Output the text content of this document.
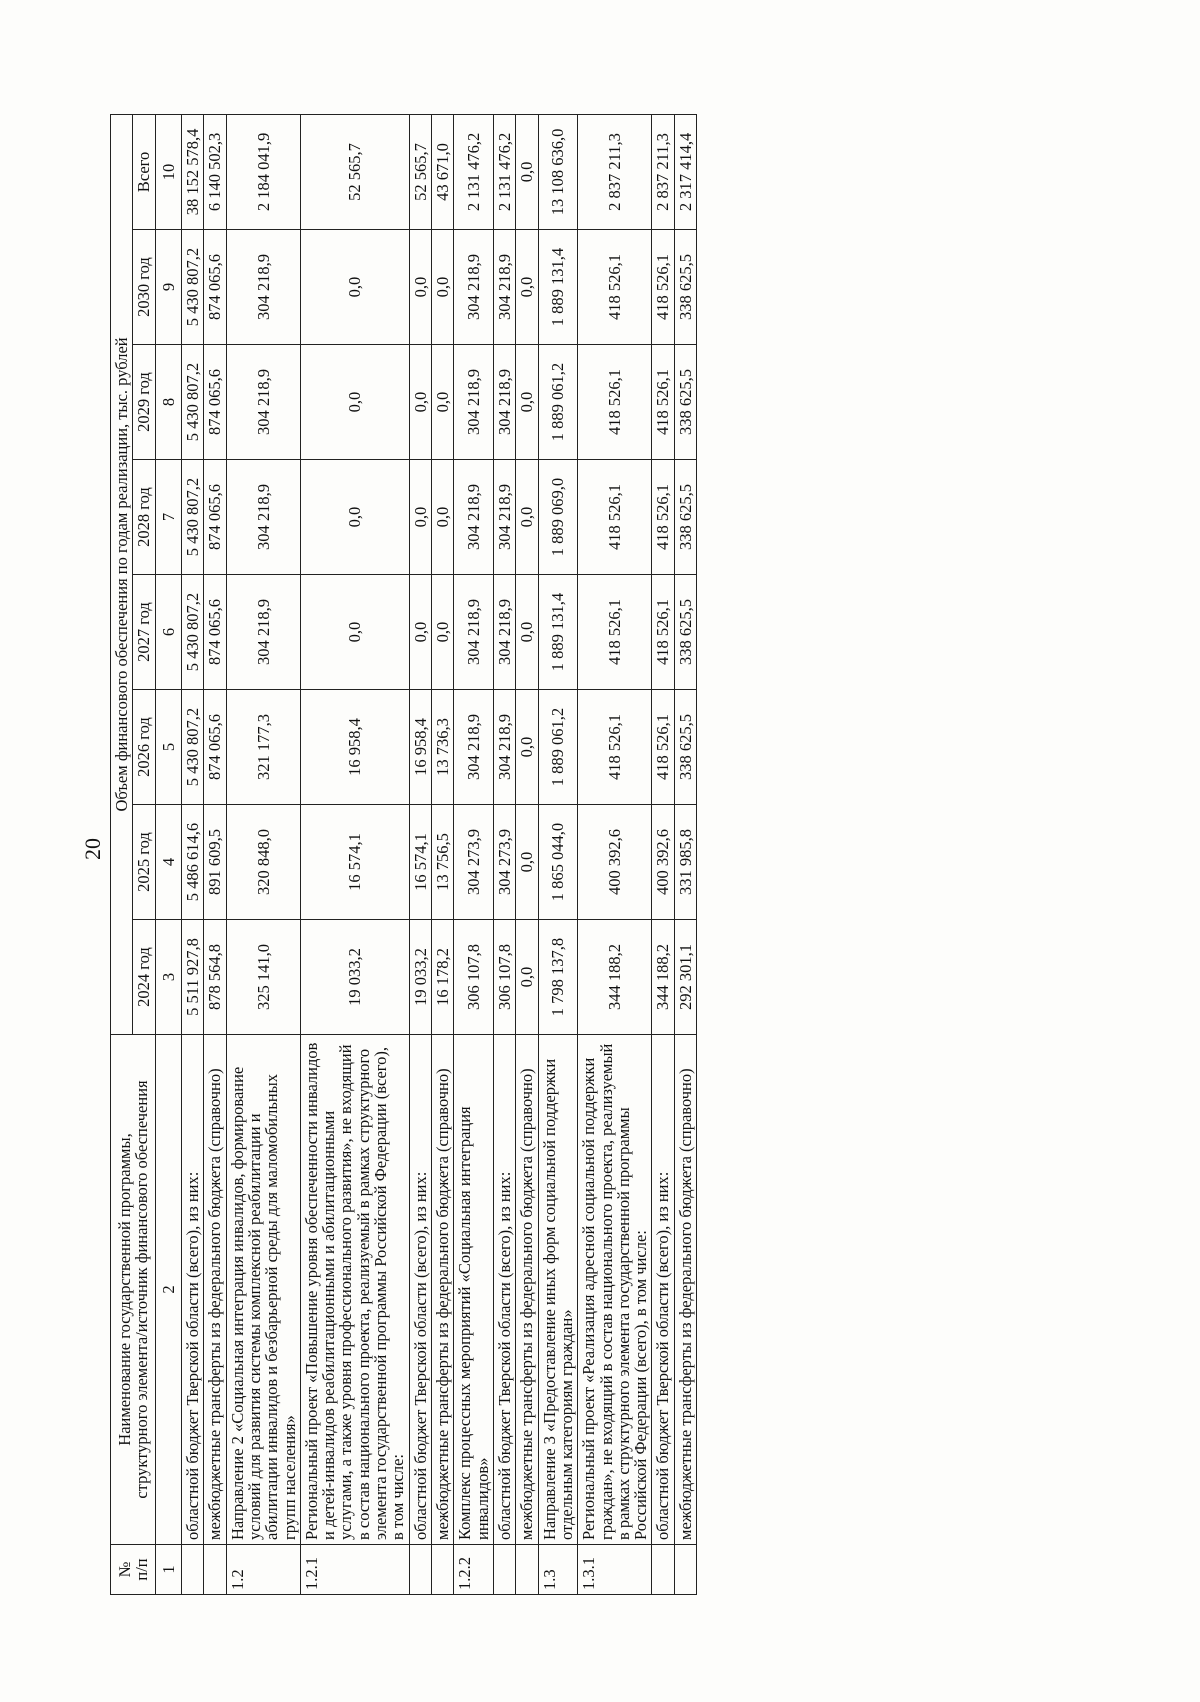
20
№
п/п	Наименование государственной программы,
структурного элемента/источник финансового обеспечения	Объем финансового обеспечения по годам реализации, тыс. рублей							
		2024 год	2025 год	2026 год	2027 год	2028 год	2029 год	2030 год	Всего
1	2	3	4	5	6	7	8	9	10
	областной бюджет Тверской области (всего), из них:	5 511 927,8	5 486 614,6	5 430 807,2	5 430 807,2	5 430 807,2	5 430 807,2	5 430 807,2	38 152 578,4
	межбюджетные трансферты из федерального бюджета (справочно)	878 564,8	891 609,5	874 065,6	874 065,6	874 065,6	874 065,6	874 065,6	6 140 502,3
1.2	Направление 2 «Социальная интеграция инвалидов, формирование условий для развития системы комплексной реабилитации и абилитации инвалидов и безбарьерной среды для маломобильных групп населения»	325 141,0	320 848,0	321 177,3	304 218,9	304 218,9	304 218,9	304 218,9	2 184 041,9
1.2.1	Региональный проект «Повышение уровня обеспеченности инвалидов и детей-инвалидов реабилитационными и абилитационными услугами, а также уровня профессионального развития», не входящий в состав национального проекта, реализуемый в рамках структурного элемента государственной программы Российской Федерации (всего), в том числе:	19 033,2	16 574,1	16 958,4	0,0	0,0	0,0	0,0	52 565,7
	областной бюджет Тверской области (всего), из них:	19 033,2	16 574,1	16 958,4	0,0	0,0	0,0	0,0	52 565,7
	межбюджетные трансферты из федерального бюджета (справочно)	16 178,2	13 756,5	13 736,3	0,0	0,0	0,0	0,0	43 671,0
1.2.2	Комплекс процессных мероприятий «Социальная интеграция инвалидов»	306 107,8	304 273,9	304 218,9	304 218,9	304 218,9	304 218,9	304 218,9	2 131 476,2
	областной бюджет Тверской области (всего), из них:	306 107,8	304 273,9	304 218,9	304 218,9	304 218,9	304 218,9	304 218,9	2 131 476,2
	межбюджетные трансферты из федерального бюджета (справочно)	0,0	0,0	0,0	0,0	0,0	0,0	0,0	0,0
1.3	Направление 3 «Предоставление иных форм социальной поддержки отдельным категориям граждан»	1 798 137,8	1 865 044,0	1 889 061,2	1 889 131,4	1 889 069,0	1 889 061,2	1 889 131,4	13 108 636,0
1.3.1	Региональный проект «Реализация адресной социальной поддержки граждан», не входящий в состав национального проекта, реализуемый в рамках структурного элемента государственной программы Российской Федерации (всего), в том числе:	344 188,2	400 392,6	418 526,1	418 526,1	418 526,1	418 526,1	418 526,1	2 837 211,3
	областной бюджет Тверской области (всего), из них:	344 188,2	400 392,6	418 526,1	418 526,1	418 526,1	418 526,1	418 526,1	2 837 211,3
	межбюджетные трансферты из федерального бюджета (справочно)	292 301,1	331 985,8	338 625,5	338 625,5	338 625,5	338 625,5	338 625,5	2 317 414,4
